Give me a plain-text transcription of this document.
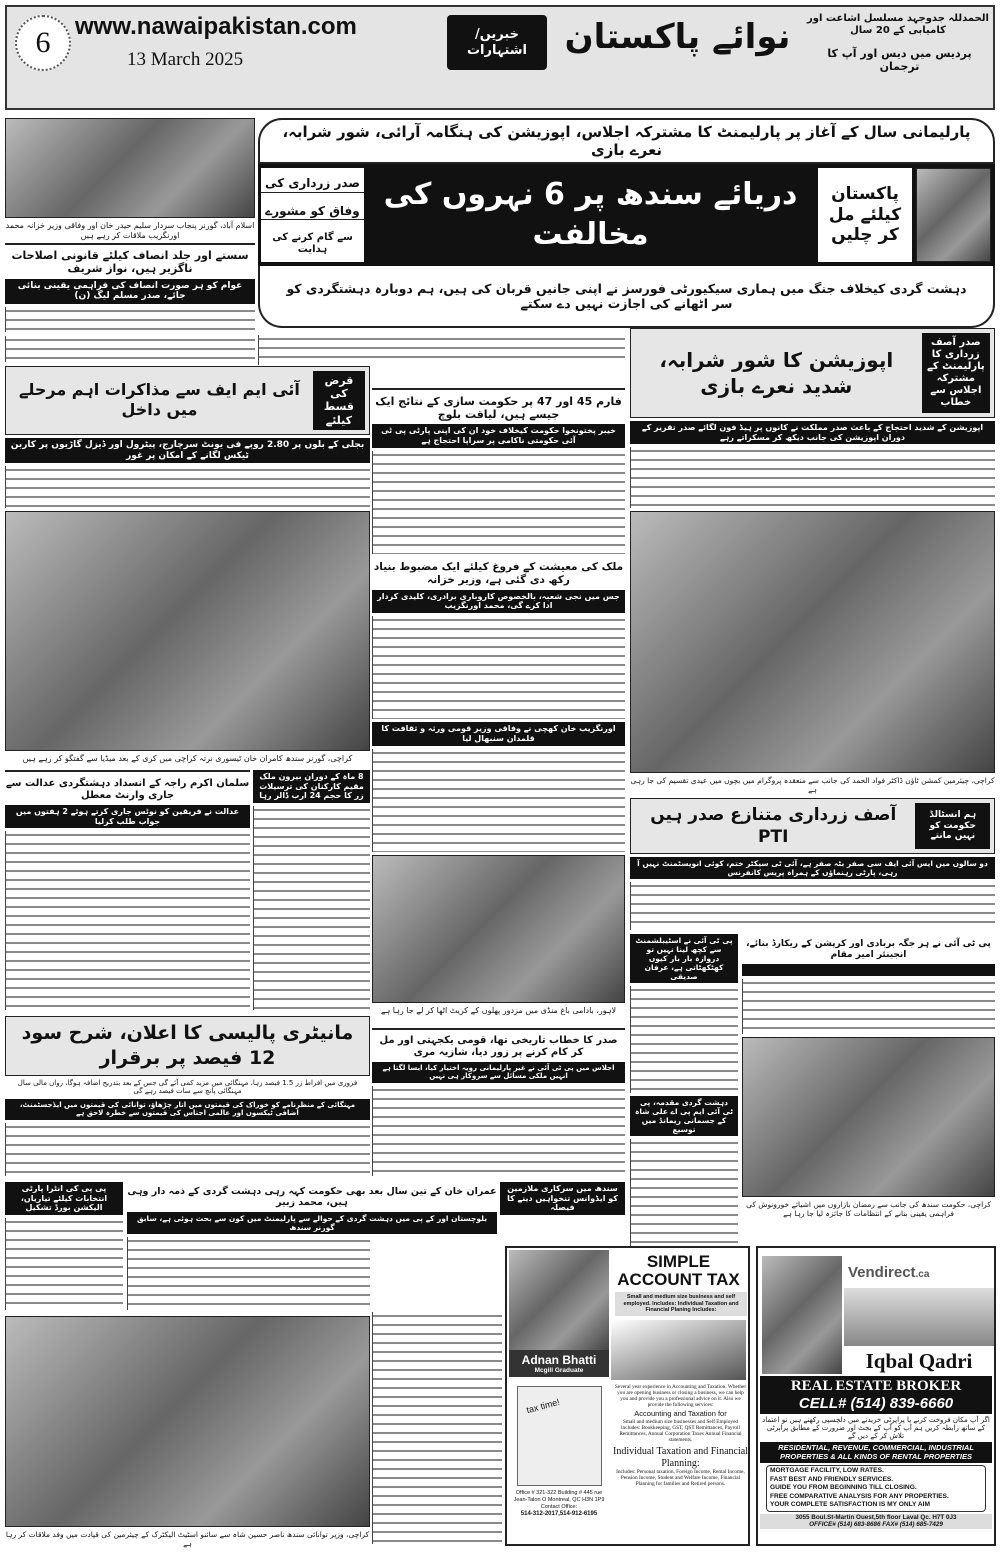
6	www.nawaipakistan.com
13 March 2025
خبریں/اشتہارات	نوائے پاکستان	الحمدللہ جدوجہد مسلسل اشاعت اور کامیابی کے 20 سال
پردیس میں دیس اور آپ کا ترجمان
اسلام آباد، گورنر پنجاب سردار سلیم حیدر خان اور وفاقی وزیر خزانہ محمد اورنگزیب ملاقات کر رہے ہیں
سستے اور جلد انصاف کیلئے قانونی اصلاحات ناگزیر ہیں، نواز شریف
عوام کو ہر صورت انصاف کی فراہمی یقینی بنائی جائے، صدر مسلم لیگ (ن)
پارلیمانی سال کے آغاز پر پارلیمنٹ کا مشترکہ اجلاس، اپوزیشن کی ہنگامہ آرائی، شور شرابہ، نعرے بازی
پاکستان کیلئے مل کر چلیں
دریائے سندھ پر 6 نہروں کی مخالفت
صدر زرداری کی
وفاق کو مشورے
سے گام کرنے کی ہدایت
دہشت گردی کیخلاف جنگ میں ہماری سیکیورٹی فورسز نے اپنی جانیں قربان کی ہیں، ہم دوبارہ دہشتگردی کو سر اٹھانے کی اجازت نہیں دے سکتے
آئی ایم ایف سے مذاکرات اہم مرحلے میں داخل
قرض کی قسط کیلئے
بجلی کے بلوں پر 2.80 روپے فی یونٹ سرچارج، پیٹرول اور ڈیزل گاڑیوں پر کاربن ٹیکس لگانے کے امکان پر غور
کراچی، گورنر سندھ کامران خان ٹیسوری نرتہ کراچی میں کری کے بعد میڈیا سے گفتگو کر رہے ہیں
فارم 45 اور 47 پر حکومت سازی کے نتائج ایک جیسے ہیں، لیاقت بلوچ
خیبر پختونخوا حکومت کیخلاف خود ان کی اپنی پارٹی پی ٹی آئی حکومتی ناکامی پر سراپا احتجاج ہے
ملک کی معیشت کے فروغ کیلئے ایک مضبوط بنیاد رکھ دی گئی ہے، وزیر خزانہ
جس میں نجی شعبہ، بالخصوص کاروباری برادری، کلیدی کردار ادا کرے گی، محمد اورنگزیب
اورنگزیب خان کھچی نے وفاقی وزیر قومی ورثہ و ثقافت کا قلمدان سنبھال لیا
لاہور، بادامی باغ منڈی میں مزدور پھلوں کے کریٹ اٹھا کر لے جا رہا ہے
اپوزیشن کا شور شرابہ، شدید نعرے بازی
صدر آصف زرداری کا پارلیمنٹ کے مشترکہ اجلاس سے خطاب
اپوزیشن کے شدید احتجاج کے باعث صدر مملکت نے کانوں پر ہیڈ فون لگائے صدر تقریر کے دوران اپوزیشن کی جانب دیکھ کر مسکراتے رہے
کراچی، چیئرمین کمشن ٹاؤن ڈاکٹر فواد الحمد کی جانب سے منعقدہ پروگرام میں بچوں میں عیدی تقسیم کی جا رہی ہے
آصف زرداری متنازع صدر ہیں PTI
ہم انسٹالڈ حکومت کو نہیں مانتے
دو سالوں میں ایس آئی ایف سی صفر بٹہ صفر ہے، آئی ٹی سیکٹر ختم، کوئی انویسٹمنٹ نہیں آ رہی، پارٹی رہنماؤں کے ہمراہ پریس کانفرنس
پی ٹی آئی نے اسٹیبلشمنٹ سے کچھ لینا نہیں تو دروازہ بار بار کیوں کھٹکھٹاتی ہے، عرفان صدیقی
دہشت گردی مقدمہ، پی ٹی آئی ایم پی اے علی شاہ کے جسمانی ریمانڈ میں توسیع
پی ٹی آئی نے ہر جگہ بربادی اور کرپشن کے ریکارڈ بنائے، انجینئر امیر مقام
کراچی، حکومت سندھ کی جانب سے رمضان بازاروں میں اشیائے خورونوش کی فراہمی یقینی بنانے کے انتظامات کا جائزہ لیا جا رہا ہے
سلمان اکرم راجہ کے انسداد دہشتگردی عدالت سے جاری وارنٹ معطل
عدالت نے فریقین کو نوٹس جاری کرتے ہوئے 2 ہفتوں میں جواب طلب کرلیا
8 ماہ کے دوران بیرون ملک مقیم کارکنان کی ترسیلات زر کا حجم 24 ارب ڈالر رہا
مانیٹری پالیسی کا اعلان، شرح سود 12 فیصد پر برقرار
فروری میں افراط زر 1.5 فیصد رہا، مہنگائی میں مزید کمی آئے گی جس کے بعد بتدریج اضافہ ہوگا، رواں مالی سال مہنگائی پانچ سے سات فیصد رہے گی
مہنگائی کے منظرنامے کو خوراک کی قیمتوں میں اتار چڑھاؤ، توانائی کی قیمتوں میں ایڈجسٹمنٹ، اضافی ٹیکسوں اور عالمی اجناس کی قیمتوں سے خطرہ لاحق ہے
صدر کا خطاب تاریخی تھا، قومی یکجہتی اور مل کر کام کرنے پر زور دیا، شازیہ مری
اجلاس میں پی ٹی آئی نے غیر پارلیمانی رویہ اختیار کیا، ایسا لگتا ہے انہیں ملکی مسائل سے سروکار ہی نہیں
پی پی کی انٹرا پارٹی انتخابات کیلئے تیاریاں، الیکشن بورڈ تشکیل
عمران خان کے تین سال بعد بھی حکومت کہہ رہی دہشت گردی کے ذمہ دار وہی ہیں، محمد زبیر
بلوچستان اور کے پی میں دہشت گردی کے حوالے سے پارلیمنٹ میں کون سے بحث ہوئی ہے، سابق گورنر سندھ
سندھ میں سرکاری ملازمین کو ایڈوانس تنخواہیں دینے کا فیصلہ
کراچی، وزیر توانائی سندھ ناصر حسین شاہ سے سائنو اسٹیٹ الیکٹرک کے چیئرمین کی قیادت میں وفد ملاقات کر رہا ہے
SIMPLE
ACCOUNT TAX
Small and medium size business and self employed. Includes: Individual Taxation and Financial Planing Includes:
Adnan Bhatti
Mcgill Graduate
tax time!
Office # 321-322 Building # 445 rue Jean-Talon O Montreal, QC H3N 1P9
Contact Office:
514-312-2017,514-912-6195
Several year experience in Accounting and Taxation. Whether you are opening business or closing a business, we can help you and provide you a professional advice on it. Also we provide the following services:
Accounting and Taxation for
Small and medium size businesses and Self Employed includes: Bookkeeping, GST, QST Remittances, Payroll Remittances, Annual Corporation Taxes Annual Financial statements.
Individual Taxation and Financial Planning:
Includes: Personal taxation, Foreign Income, Rental Income, Pension Income, Student and Welfare Income, Financial Planning for families and Retired persons.
Vendirect.ca
Iqbal Qadri
REAL ESTATE BROKER
CELL# (514) 839-6660
اگر آپ مکان فروخت کرنے یا پراپرٹی خریدنے میں دلچسپی رکھتے ہیں تو اعتماد کے ساتھ رابطہ کریں ہم آپ کو آپ کے بجٹ اور ضرورت کے مطابق پراپرٹی تلاش کر کے دیں گے
RESIDENTIAL, REVENUE, COMMERCIAL, INDUSTRIAL PROPERTIES & ALL KINDS OF RENTAL PROPERTIES
MORTGAGE FACILITY, LOW RATES.
FAST BEST AND FRIENDLY SERVICES.
GUIDE YOU FROM BEGINNING TILL CLOSING.
FREE COMPARATIVE ANALYSIS FOR ANY PROPERTIES.
YOUR COMPLETE SATISFACTION IS MY ONLY AIM
3055 Boul.St-Martin Ouest,5th floor Laval Qc. H7T 0J3
OFFICE# (514) 683-8686 FAX# (514) 685-7429
